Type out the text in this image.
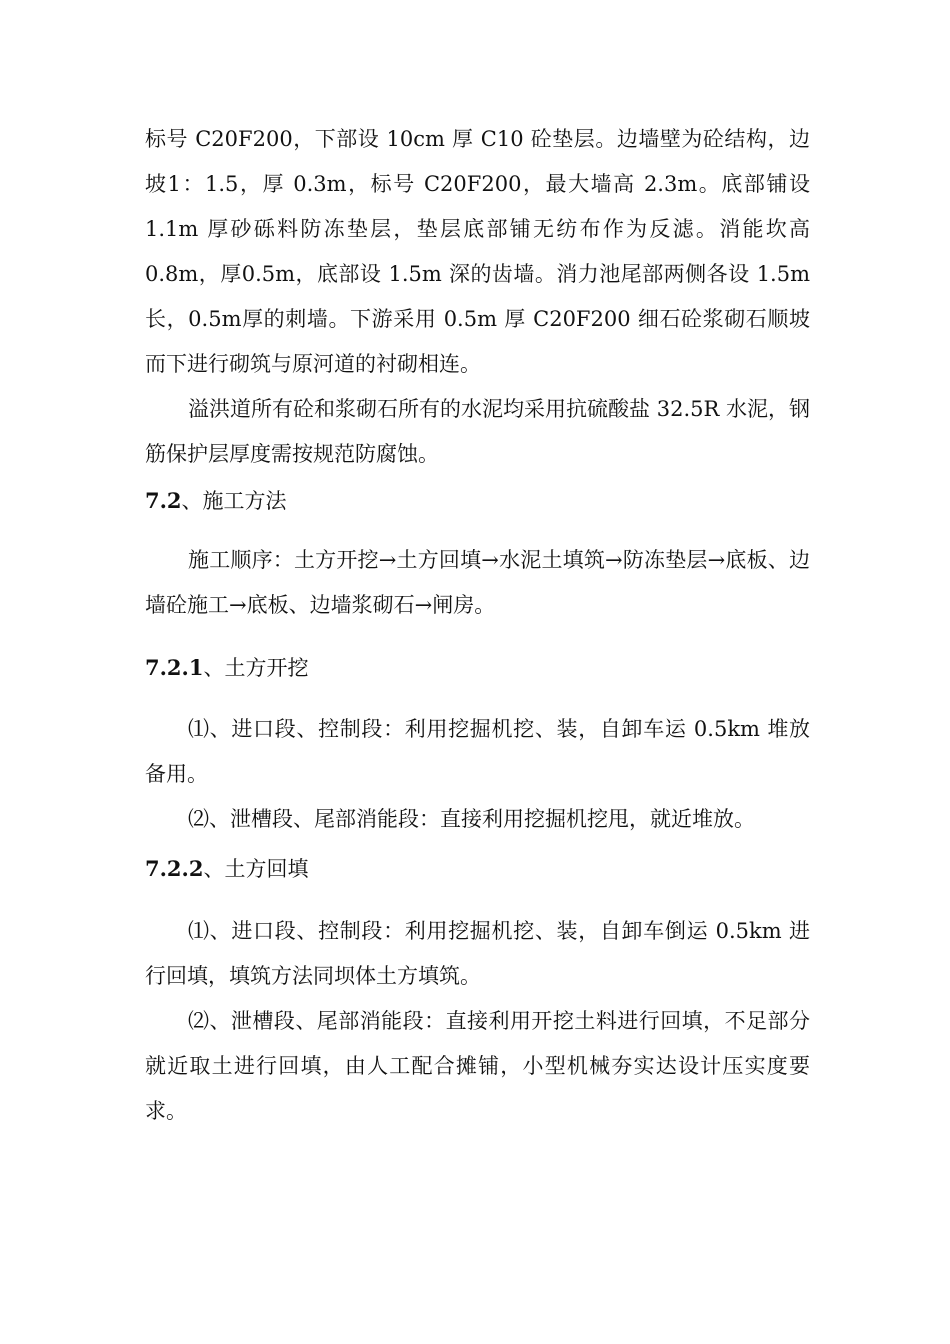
标号 C20F200，下部设 10cm 厚 C10 砼垫层。边墙壁为砼结构，边坡1：1.5，厚 0.3m，标号 C20F200，最大墙高 2.3m。底部铺设 1.1m 厚砂砾料防冻垫层，垫层底部铺无纺布作为反滤。消能坎高 0.8m，厚0.5m，底部设 1.5m 深的齿墙。消力池尾部两侧各设 1.5m 长，0.5m厚的刺墙。下游采用 0.5m 厚 C20F200 细石砼浆砌石顺坡而下进行砌筑与原河道的衬砌相连。

溢洪道所有砼和浆砌石所有的水泥均采用抗硫酸盐 32.5R 水泥，钢筋保护层厚度需按规范防腐蚀。

7.2、施工方法

施工顺序：土方开挖→土方回填→水泥土填筑→防冻垫层→底板、边墙砼施工→底板、边墙浆砌石→闸房。

7.2.1、土方开挖

⑴、进口段、控制段：利用挖掘机挖、装，自卸车运 0.5km 堆放备用。

⑵、泄槽段、尾部消能段：直接利用挖掘机挖甩，就近堆放。

7.2.2、土方回填

⑴、进口段、控制段：利用挖掘机挖、装，自卸车倒运 0.5km 进行回填，填筑方法同坝体土方填筑。

⑵、泄槽段、尾部消能段：直接利用开挖土料进行回填，不足部分就近取土进行回填，由人工配合摊铺，小型机械夯实达设计压实度要求。
